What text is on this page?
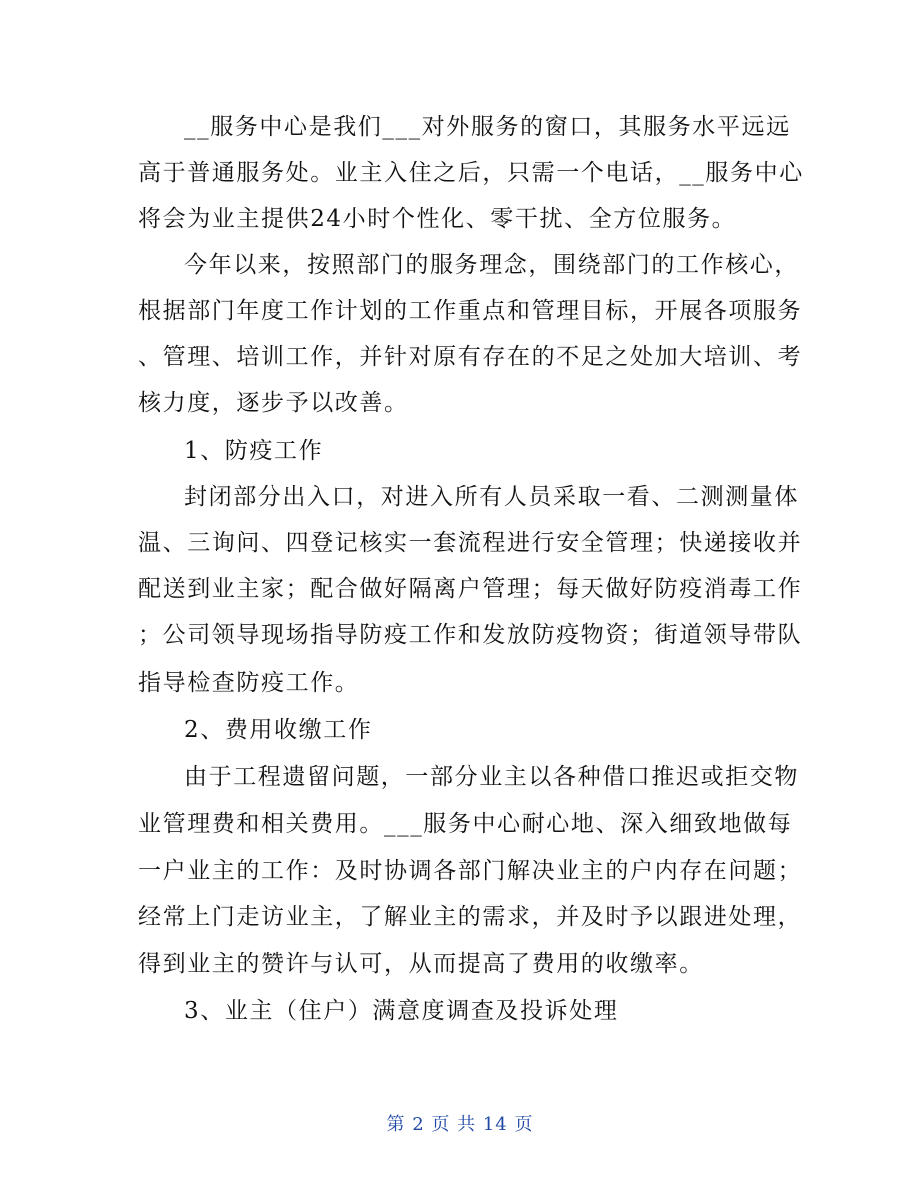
__服务中心是我们___对外服务的窗口，其服务水平远远
高于普通服务处。业主入住之后，只需一个电话，__服务中心
将会为业主提供24小时个性化、零干扰、全方位服务。
今年以来，按照部门的服务理念，围绕部门的工作核心，
根据部门年度工作计划的工作重点和管理目标，开展各项服务
、管理、培训工作，并针对原有存在的不足之处加大培训、考
核力度，逐步予以改善。
1、防疫工作
封闭部分出入口，对进入所有人员采取一看、二测测量体
温、三询问、四登记核实一套流程进行安全管理；快递接收并
配送到业主家；配合做好隔离户管理；每天做好防疫消毒工作
；公司领导现场指导防疫工作和发放防疫物资；街道领导带队
指导检查防疫工作。
2、费用收缴工作
由于工程遗留问题，一部分业主以各种借口推迟或拒交物
业管理费和相关费用。___服务中心耐心地、深入细致地做每
一户业主的工作：及时协调各部门解决业主的户内存在问题；
经常上门走访业主，了解业主的需求，并及时予以跟进处理，
得到业主的赞许与认可，从而提高了费用的收缴率。
3、业主（住户）满意度调查及投诉处理
第 2 页 共 14 页
